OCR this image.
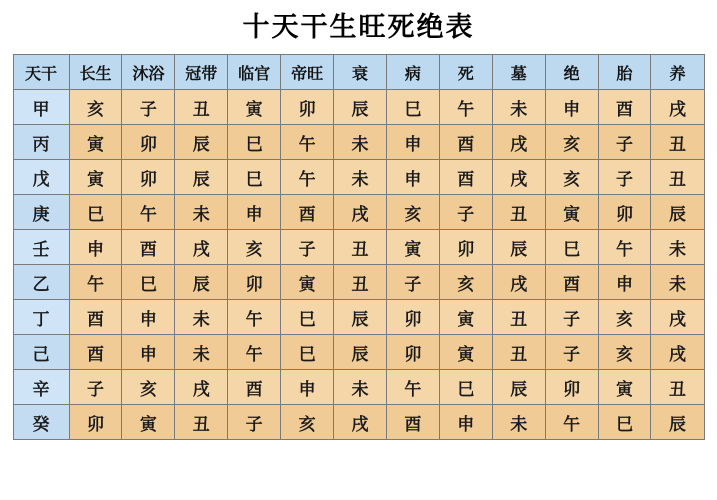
十天干生旺死绝表
天干	长生	沐浴	冠带	临官	帝旺	衰	病	死	墓	绝	胎	养
甲	亥	子	丑	寅	卯	辰	巳	午	未	申	酉	戌
丙	寅	卯	辰	巳	午	未	申	酉	戌	亥	子	丑
戊	寅	卯	辰	巳	午	未	申	酉	戌	亥	子	丑
庚	巳	午	未	申	酉	戌	亥	子	丑	寅	卯	辰
壬	申	酉	戌	亥	子	丑	寅	卯	辰	巳	午	未
乙	午	巳	辰	卯	寅	丑	子	亥	戌	酉	申	未
丁	酉	申	未	午	巳	辰	卯	寅	丑	子	亥	戌
己	酉	申	未	午	巳	辰	卯	寅	丑	子	亥	戌
辛	子	亥	戌	酉	申	未	午	巳	辰	卯	寅	丑
癸	卯	寅	丑	子	亥	戌	酉	申	未	午	巳	辰
